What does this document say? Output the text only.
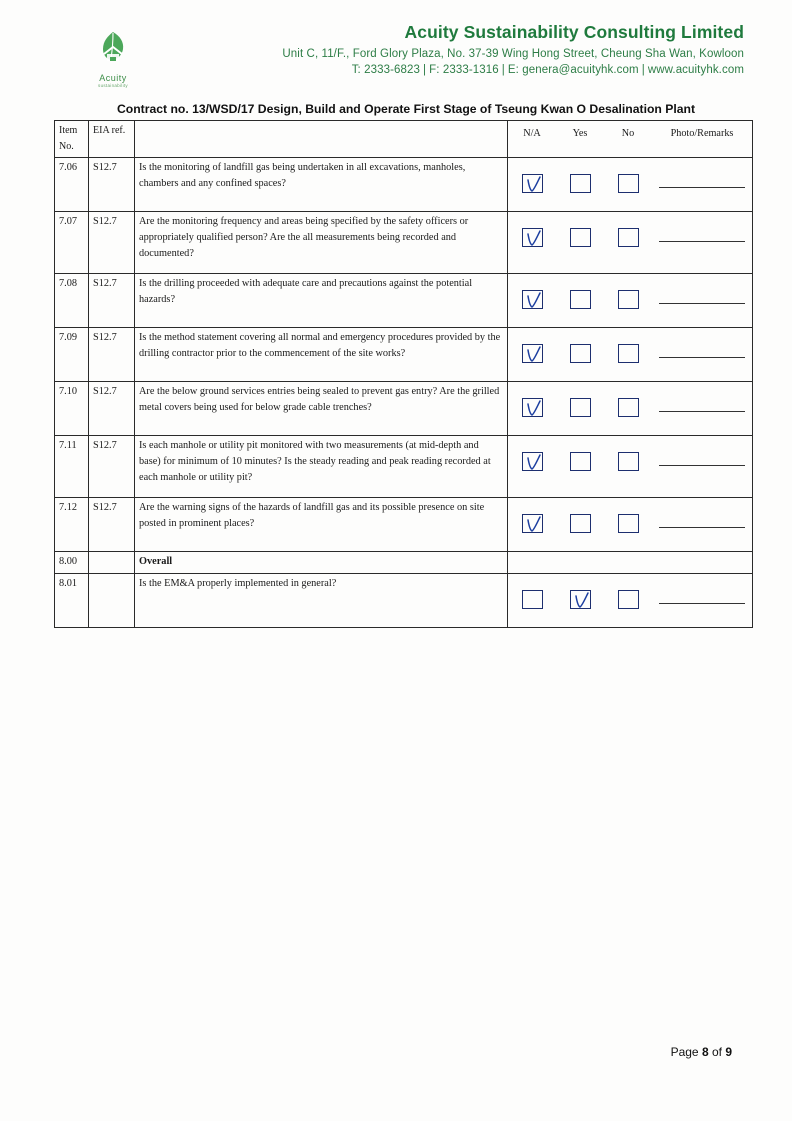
Acuity
sustainability
Acuity Sustainability Consulting Limited
Unit C, 11/F., Ford Glory Plaza, No. 37-39 Wing Hong Street, Cheung Sha Wan, Kowloon
T: 2333-6823 | F: 2333-1316 | E: genera@acuityhk.com | www.acuityhk.com
Contract no. 13/WSD/17 Design, Build and Operate First Stage of Tseung Kwan O Desalination Plant
Item
No.	EIA ref.		N/A	Yes	No	Photo/Remarks

7.06	S12.7	Is the monitoring of landfill gas being undertaken in all excavations, manholes, chambers and any confined spaces?	

7.07	S12.7	Are the monitoring frequency and areas being specified by the safety officers or appropriately qualified person? Are the all measurements being recorded and documented?	

7.08	S12.7	Is the drilling proceeded with adequate care and precautions against the potential hazards?	

7.09	S12.7	Is the method statement covering all normal and emergency procedures provided by the drilling contractor prior to the commencement of the site works?	

7.10	S12.7	Are the below ground services entries being sealed to prevent gas entry? Are the grilled metal covers being used for below grade cable trenches?	

7.11	S12.7	Is each manhole or utility pit monitored with two measurements (at mid-depth and base) for minimum of 10 minutes? Is the steady reading and peak reading recorded at each manhole or utility pit?	

7.12	S12.7	Are the warning signs of the hazards of landfill gas and its possible presence on site posted in prominent places?	

8.00		Overall	
8.01		Is the EM&A properly implemented in general?	
Page 8 of 9
